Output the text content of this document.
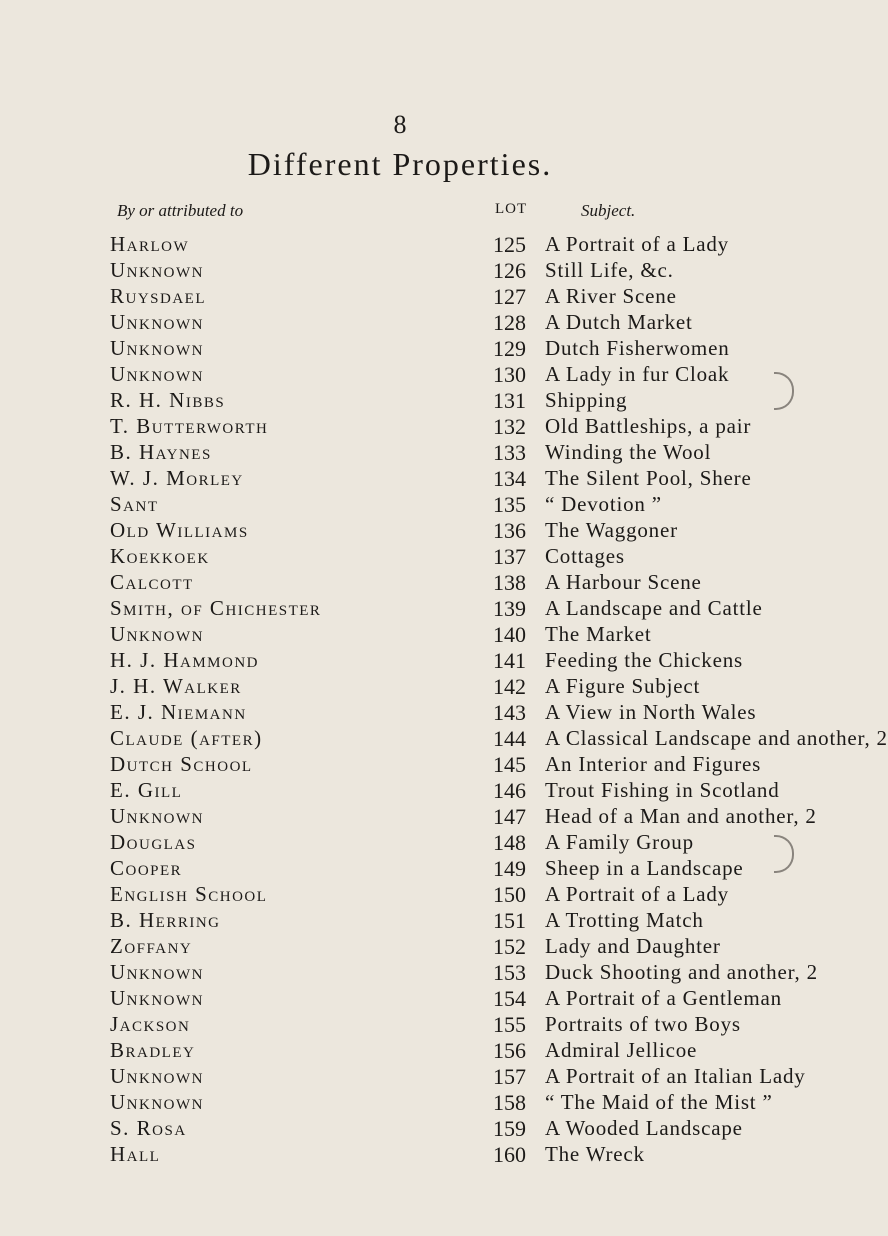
8
Different Properties.
By or attributed to	LOT	Subject.
Harlow	125 A Portrait of a Lady
Unknown	126 Still Life, &c.
Ruysdael	127 A River Scene
Unknown	128 A Dutch Market
Unknown	129 Dutch Fisherwomen
Unknown	130 A Lady in fur Cloak
R. H. Nibbs	131 Shipping
T. Butterworth	132 Old Battleships, a pair
B. Haynes	133 Winding the Wool
W. J. Morley	134 The Silent Pool, Shere
Sant	135 “ Devotion ”
Old Williams	136 The Waggoner
Koekkoek	137 Cottages
Calcott	138 A Harbour Scene
Smith, of Chichester	139 A Landscape and Cattle
Unknown	140 The Market
H. J. Hammond	141 Feeding the Chickens
J. H. Walker	142 A Figure Subject
E. J. Niemann	143 A View in North Wales
Claude (after)	144 A Classical Landscape and another, 2
Dutch School	145 An Interior and Figures
E. Gill	146 Trout Fishing in Scotland
Unknown	147 Head of a Man and another, 2
Douglas	148 A Family Group
Cooper	149 Sheep in a Landscape
English School	150 A Portrait of a Lady
B. Herring	151 A Trotting Match
Zoffany	152 Lady and Daughter
Unknown	153 Duck Shooting and another, 2
Unknown	154 A Portrait of a Gentleman
Jackson	155 Portraits of two Boys
Bradley	156 Admiral Jellicoe
Unknown	157 A Portrait of an Italian Lady
Unknown	158 “ The Maid of the Mist ”
S. Rosa	159 A Wooded Landscape
Hall	160 The Wreck
